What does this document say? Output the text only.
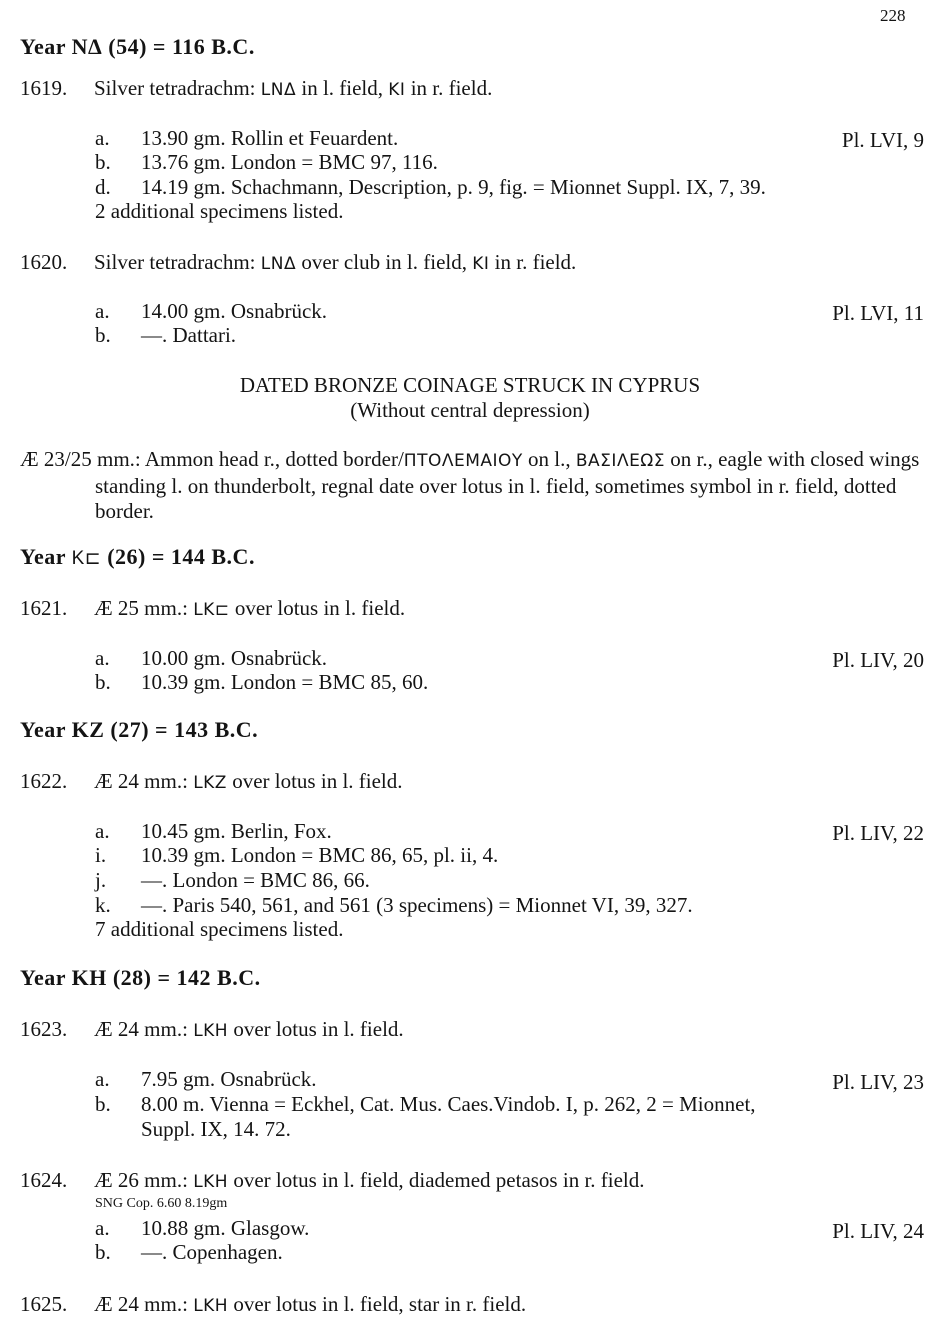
228
Year ΝΔ (54) = 116 B.C.
1619. Silver tetradrachm: LΝΔ in l. field, ΚΙ in r. field.
a. 13.90 gm. Rollin et Feuardent.	Pl. LVI, 9
b. 13.76 gm. London = BMC 97, 116.
d. 14.19 gm. Schachmann, Description, p. 9, fig. = Mionnet Suppl. IX, 7, 39.
2 additional specimens listed.
1620. Silver tetradrachm: LΝΔ over club in l. field, ΚΙ in r. field.
a. 14.00 gm. Osnabrück.	Pl. LVI, 11
b. —. Dattari.
DATED BRONZE COINAGE STRUCK IN CYPRUS
(Without central depression)
Æ 23/25 mm.: Ammon head r., dotted border/ΠΤΟΛΕΜΑΙΟΥ on l., ΒΑΣΙΛΕΩΣ on r., eagle with closed wings standing l. on thunderbolt, regnal date over lotus in l. field, sometimes symbol in r. field, dotted border.
Year Κ⊏ (26) = 144 B.C.
1621. Æ 25 mm.: LΚ⊏ over lotus in l. field.
a. 10.00 gm. Osnabrück.	Pl. LIV, 20
b. 10.39 gm. London = BMC 85, 60.
Year KZ (27) = 143 B.C.
1622. Æ 24 mm.: LΚΖ over lotus in l. field.
a. 10.45 gm. Berlin, Fox.	Pl. LIV, 22
i. 10.39 gm. London = BMC 86, 65, pl. ii, 4.
j. —. London = BMC 86, 66.
k. —. Paris 540, 561, and 561 (3 specimens) = Mionnet VI, 39, 327.
7 additional specimens listed.
Year KH (28) = 142 B.C.
1623. Æ 24 mm.: LΚΗ over lotus in l. field.
a. 7.95 gm. Osnabrück.	Pl. LIV, 23
b. 8.00 m. Vienna = Eckhel, Cat. Mus. Caes.Vindob. I, p. 262, 2 = Mionnet,
Suppl. IX, 14. 72.
1624. Æ 26 mm.: LΚΗ over lotus in l. field, diademed petasos in r. field.
SNG Cop. 6.60 8.19gm
a. 10.88 gm. Glasgow.	Pl. LIV, 24
b. —. Copenhagen.
1625. Æ 24 mm.: LΚΗ over lotus in l. field, star in r. field.
